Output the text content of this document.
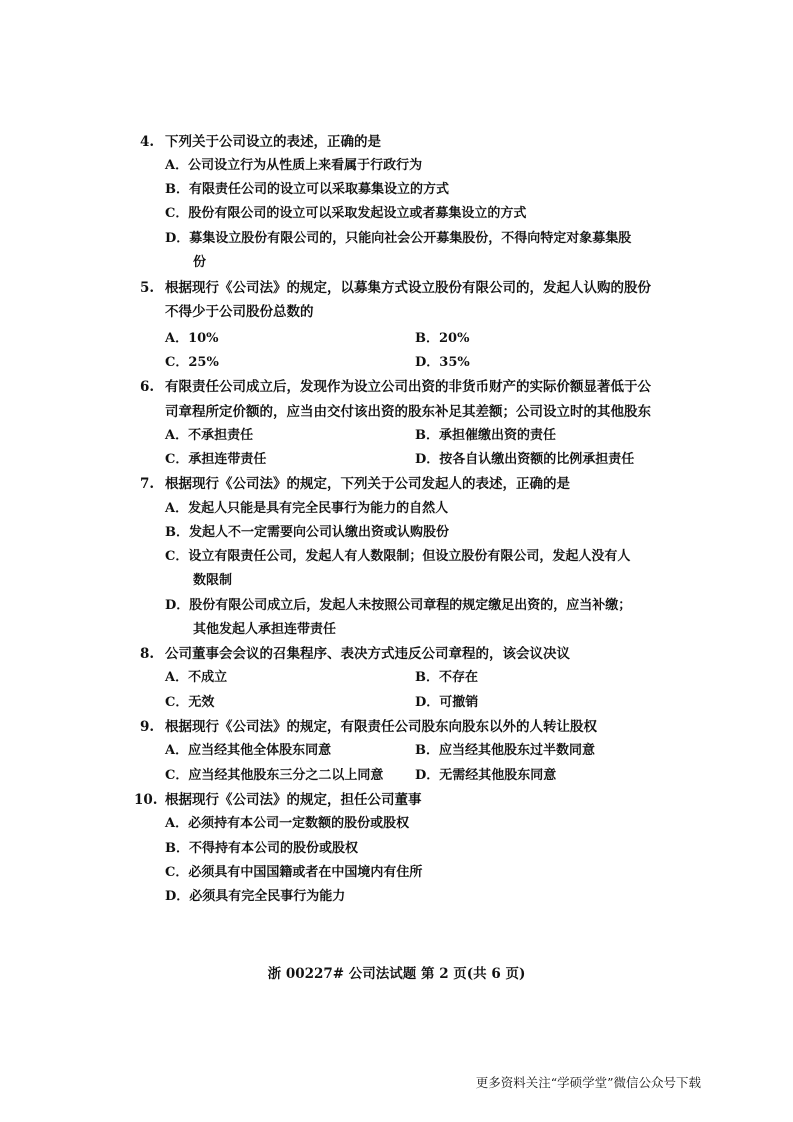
4. 下列关于公司设立的表述，正确的是
A．公司设立行为从性质上来看属于行政行为
B．有限责任公司的设立可以采取募集设立的方式
C．股份有限公司的设立可以采取发起设立或者募集设立的方式
D．募集设立股份有限公司的，只能向社会公开募集股份，不得向特定对象募集股
份
5. 根据现行《公司法》的规定，以募集方式设立股份有限公司的，发起人认购的股份
不得少于公司股份总数的
A．10%	B．20%
C．25%	D．35%
6. 有限责任公司成立后，发现作为设立公司出资的非货币财产的实际价额显著低于公
司章程所定价额的，应当由交付该出资的股东补足其差额；公司设立时的其他股东
A．不承担责任	B．承担催缴出资的责任
C．承担连带责任	D．按各自认缴出资额的比例承担责任
7. 根据现行《公司法》的规定，下列关于公司发起人的表述，正确的是
A．发起人只能是具有完全民事行为能力的自然人
B．发起人不一定需要向公司认缴出资或认购股份
C．设立有限责任公司，发起人有人数限制；但设立股份有限公司，发起人没有人
数限制
D．股份有限公司成立后，发起人未按照公司章程的规定缴足出资的，应当补缴；
其他发起人承担连带责任
8. 公司董事会会议的召集程序、表决方式违反公司章程的，该会议决议
A．不成立	B．不存在
C．无效	D．可撤销
9. 根据现行《公司法》的规定，有限责任公司股东向股东以外的人转让股权
A．应当经其他全体股东同意	B．应当经其他股东过半数同意
C．应当经其他股东三分之二以上同意 D．无需经其他股东同意
10. 根据现行《公司法》的规定，担任公司董事
A．必须持有本公司一定数额的股份或股权
B．不得持有本公司的股份或股权
C．必须具有中国国籍或者在中国境内有住所
D．必须具有完全民事行为能力
浙 00227# 公司法试题 第 2 页(共 6 页)
更多资料关注“学硕学堂”微信公众号下载
